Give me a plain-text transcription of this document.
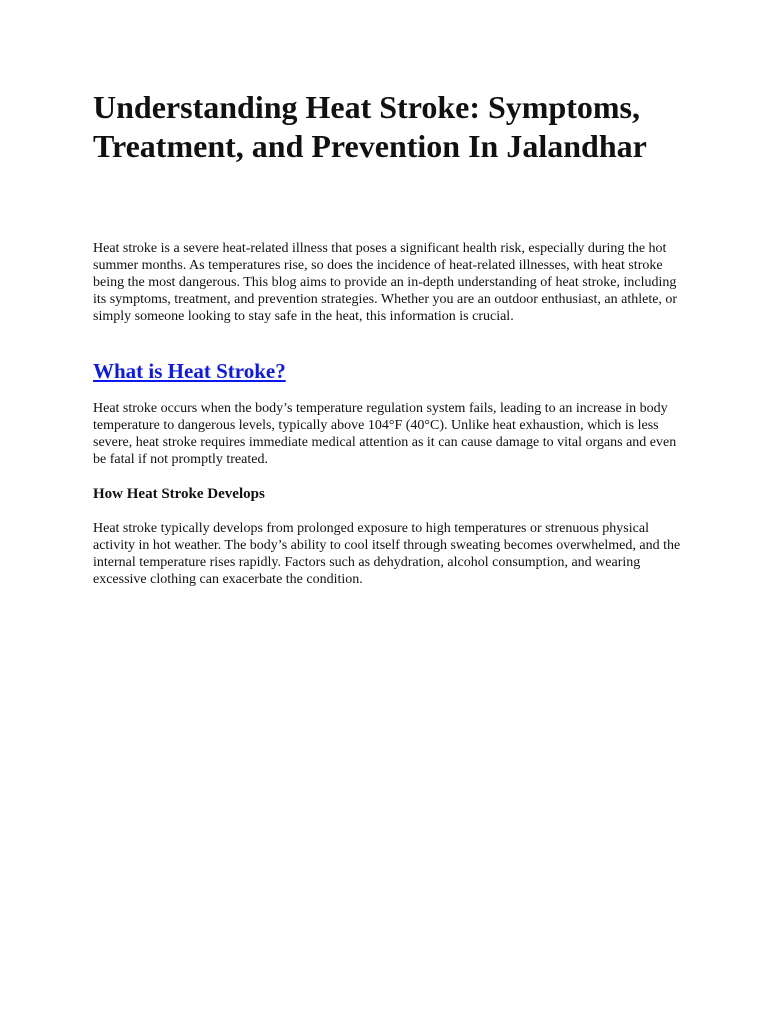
Understanding Heat Stroke: Symptoms, Treatment, and Prevention In Jalandhar

Heat stroke is a severe heat-related illness that poses a significant health risk, especially during the hot summer months. As temperatures rise, so does the incidence of heat-related illnesses, with heat stroke being the most dangerous. This blog aims to provide an in-depth understanding of heat stroke, including its symptoms, treatment, and prevention strategies. Whether you are an outdoor enthusiast, an athlete, or simply someone looking to stay safe in the heat, this information is crucial.

What is Heat Stroke?

Heat stroke occurs when the body’s temperature regulation system fails, leading to an increase in body temperature to dangerous levels, typically above 104°F (40°C). Unlike heat exhaustion, which is less severe, heat stroke requires immediate medical attention as it can cause damage to vital organs and even be fatal if not promptly treated.

How Heat Stroke Develops

Heat stroke typically develops from prolonged exposure to high temperatures or strenuous physical activity in hot weather. The body’s ability to cool itself through sweating becomes overwhelmed, and the internal temperature rises rapidly. Factors such as dehydration, alcohol consumption, and wearing excessive clothing can exacerbate the condition.
